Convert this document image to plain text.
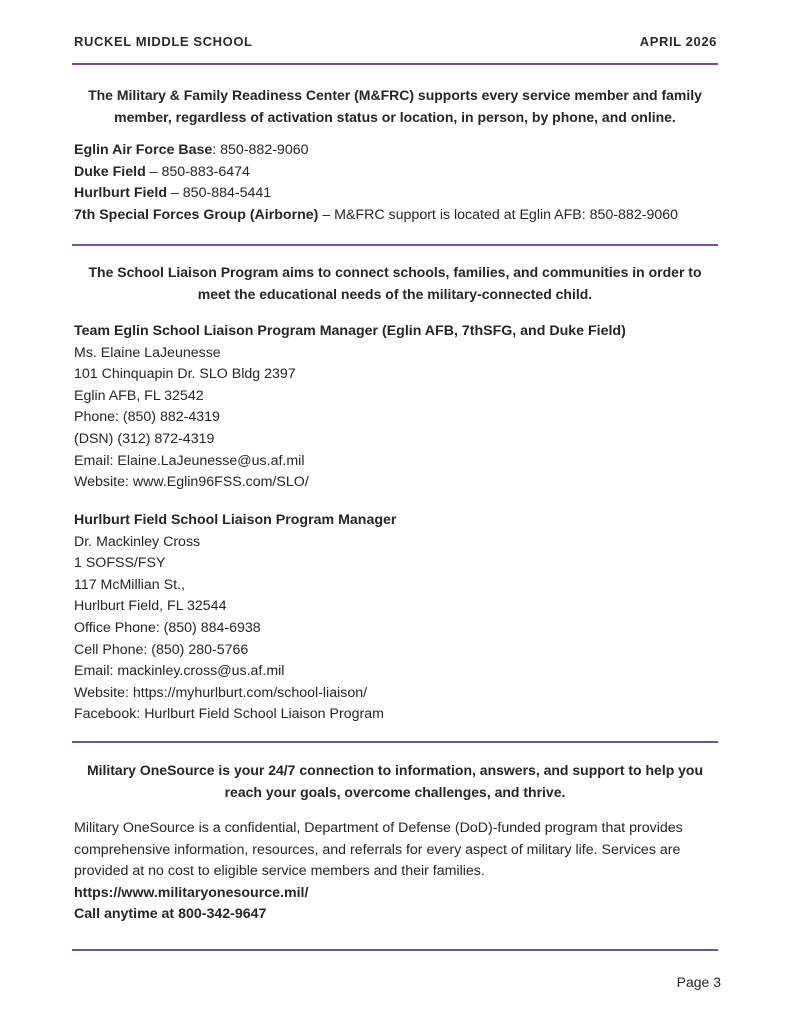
RUCKEL MIDDLE SCHOOL	APRIL 2026
The Military & Family Readiness Center (M&FRC) supports every service member and family member, regardless of activation status or location, in person, by phone, and online.
Eglin Air Force Base: 850-882-9060
Duke Field – 850-883-6474
Hurlburt Field – 850-884-5441
7th Special Forces Group (Airborne) – M&FRC support is located at Eglin AFB: 850-882-9060
The School Liaison Program aims to connect schools, families, and communities in order to meet the educational needs of the military-connected child.
Team Eglin School Liaison Program Manager (Eglin AFB, 7thSFG, and Duke Field)
Ms. Elaine LaJeunesse
101 Chinquapin Dr. SLO Bldg 2397
Eglin AFB, FL 32542
Phone: (850) 882-4319
(DSN) (312) 872-4319
Email: Elaine.LaJeunesse@us.af.mil
Website: www.Eglin96FSS.com/SLO/
Hurlburt Field School Liaison Program Manager
Dr. Mackinley Cross
1 SOFSS/FSY
117 McMillian St.,
Hurlburt Field, FL 32544
Office Phone: (850) 884-6938
Cell Phone: (850) 280-5766
Email: mackinley.cross@us.af.mil
Website: https://myhurlburt.com/school-liaison/
Facebook: Hurlburt Field School Liaison Program
Military OneSource is your 24/7 connection to information, answers, and support to help you reach your goals, overcome challenges, and thrive.
Military OneSource is a confidential, Department of Defense (DoD)-funded program that provides comprehensive information, resources, and referrals for every aspect of military life. Services are provided at no cost to eligible service members and their families.
https://www.militaryonesource.mil/
Call anytime at 800-342-9647
Page 3
